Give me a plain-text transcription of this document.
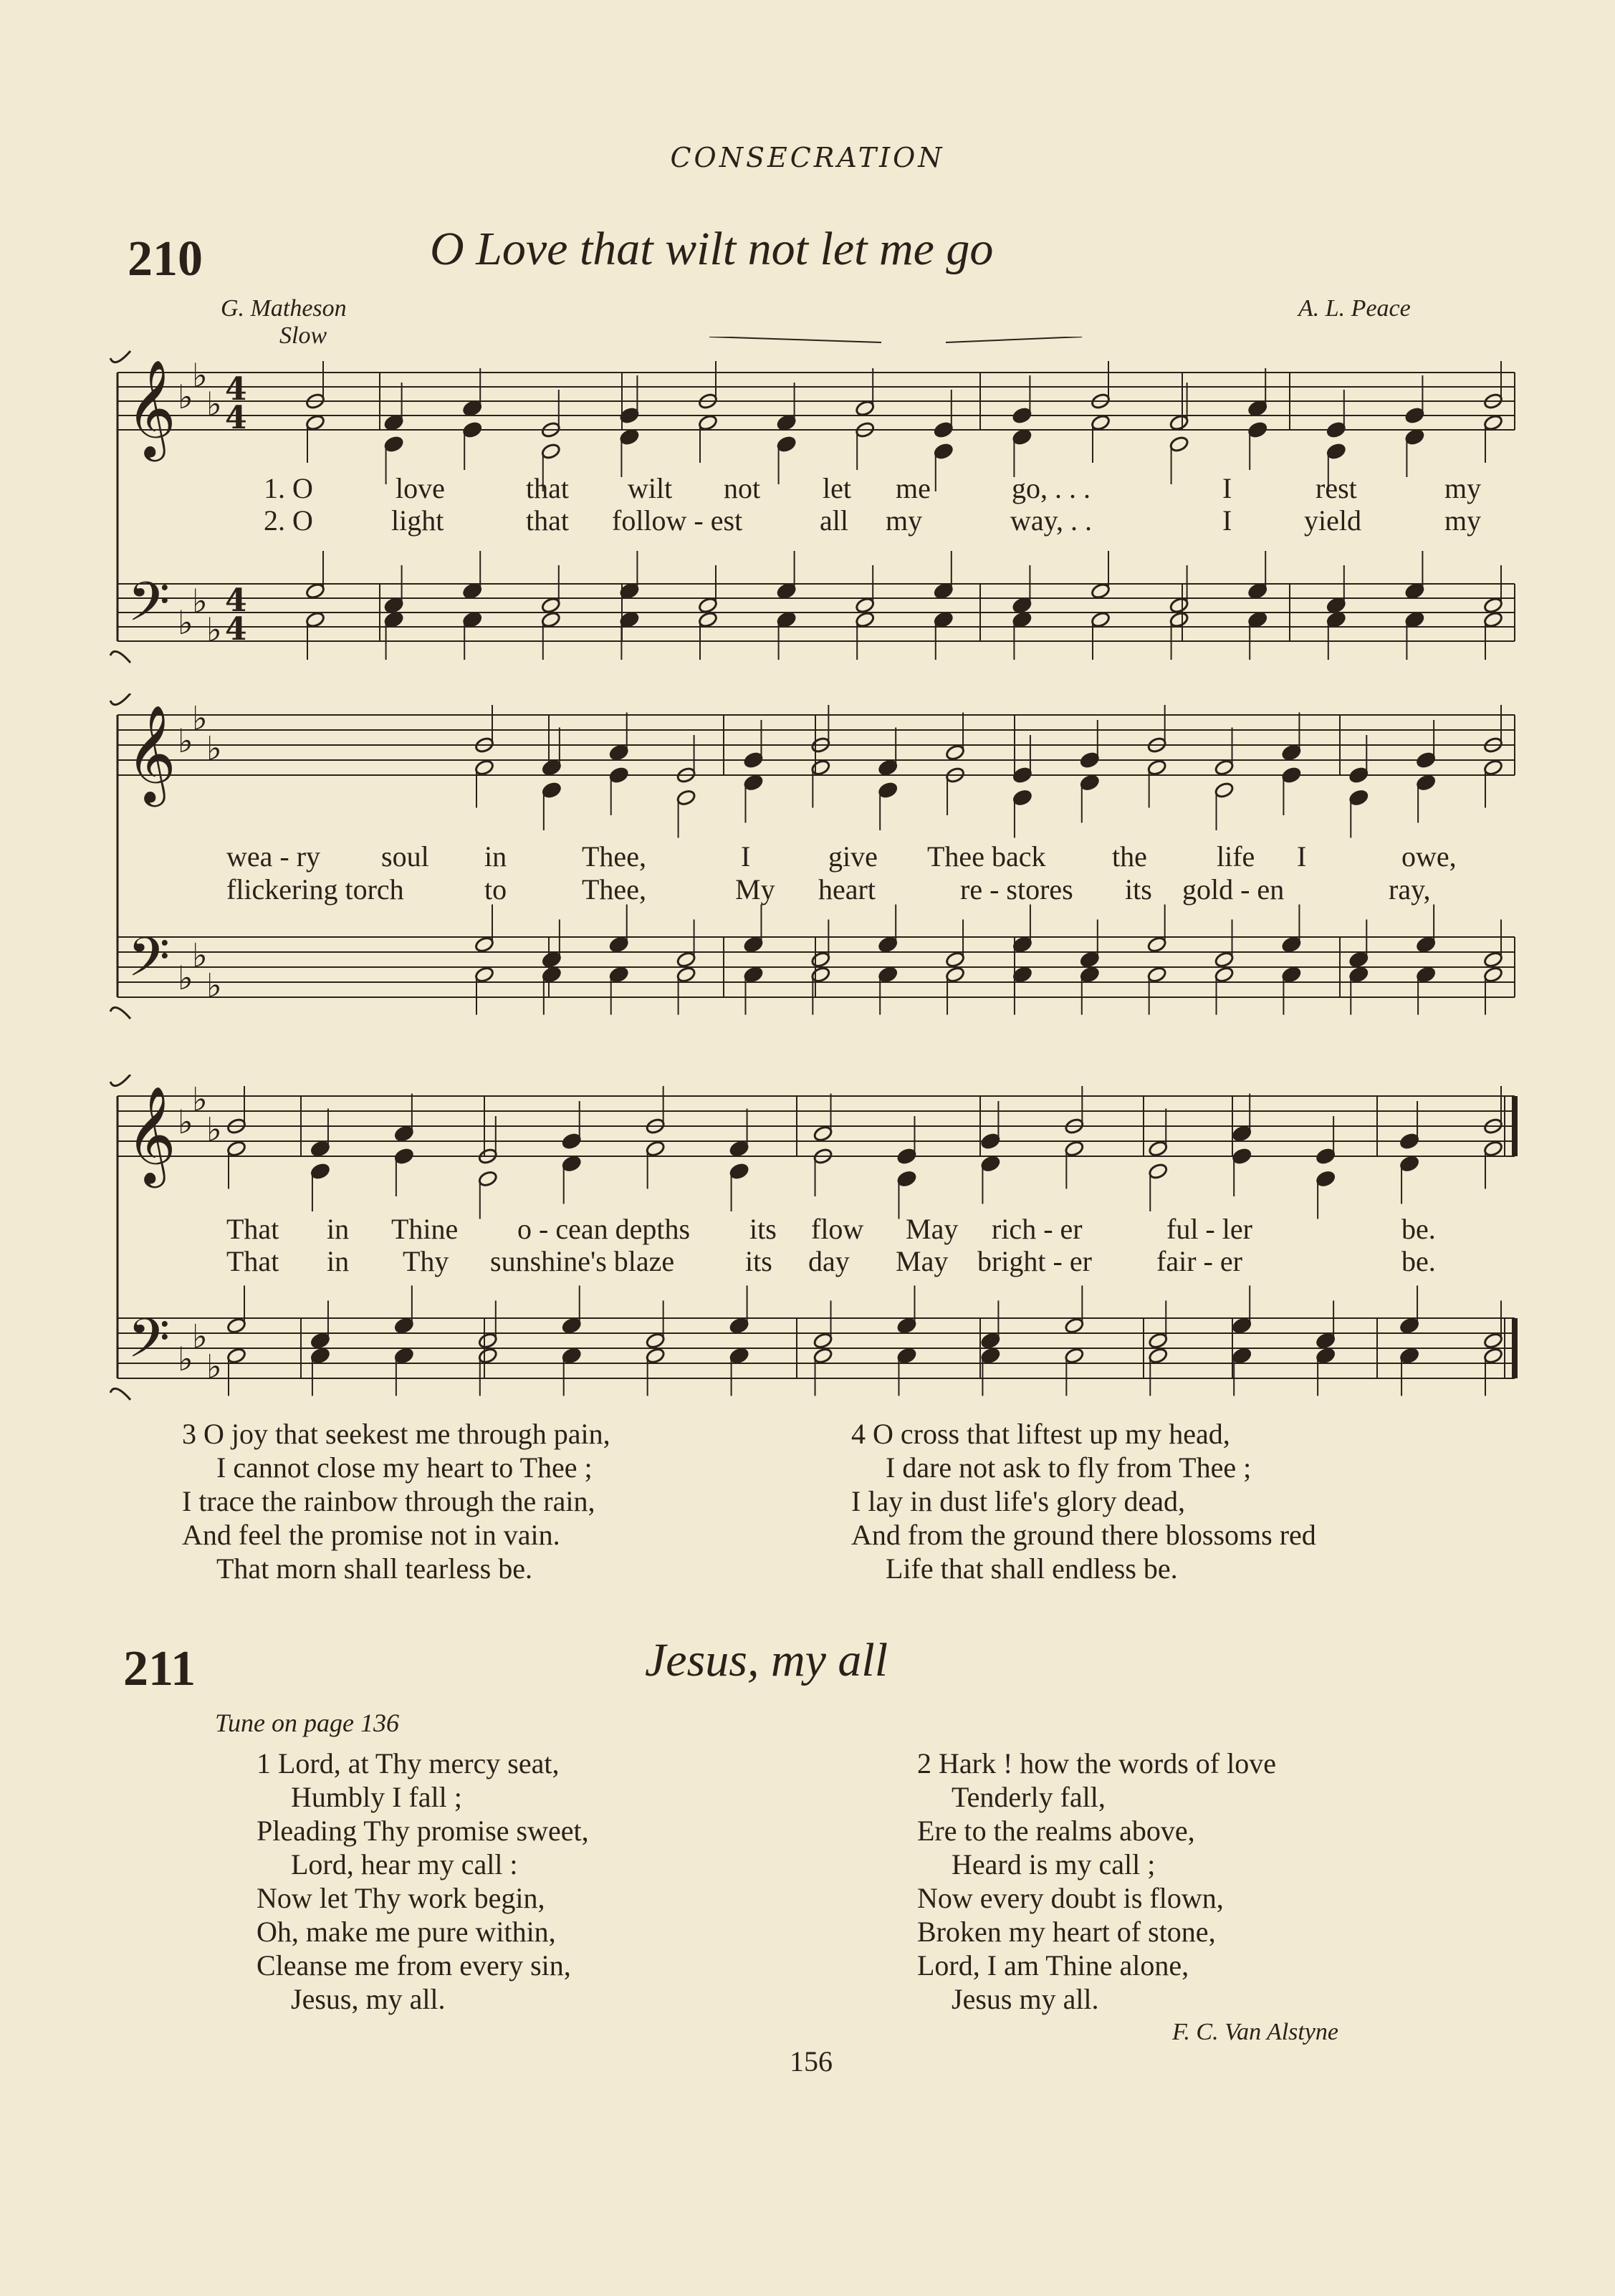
CONSECRATION
210	O Love that wilt not let me go
G. Matheson	A. L. Peace
Slow
𝄞
𝄢
♭
♭
♭
♭
♭
♭
4
4
4
4
𝄞
𝄢
♭
♭
♭
♭
♭
♭
𝄞
𝄢
♭
♭
♭
♭
♭
♭
1. O	love	that wilt not let me	go, . . .	I	rest	my
2. O	light	that follow - est	all my	way, . .	I	yield	my
wea - ry soul in	Thee,	I	give Thee back the life I	owe,
flickering torch	to	Thee,	My heart	re - stores its gold - en	ray,
That in Thine o - cean depths its flow May rich - er	ful - ler	be.
That in Thy sunshine's blaze its day May bright - er fair - er	be.
3 O joy that seekest me through pain,
I cannot close my heart to Thee ;
I trace the rainbow through the rain,
And feel the promise not in vain.
That morn shall tearless be.
4 O cross that liftest up my head,
I dare not ask to fly from Thee ;
I lay in dust life's glory dead,
And from the ground there blossoms red
Life that shall endless be.
211	Jesus, my all
Tune on page 136
1 Lord, at Thy mercy seat,
Humbly I fall ;
Pleading Thy promise sweet,
Lord, hear my call :
Now let Thy work begin,
Oh, make me pure within,
Cleanse me from every sin,
Jesus, my all.
2 Hark ! how the words of love
Tenderly fall,
Ere to the realms above,
Heard is my call ;
Now every doubt is flown,
Broken my heart of stone,
Lord, I am Thine alone,
Jesus my all.
F. C. Van Alstyne
156
